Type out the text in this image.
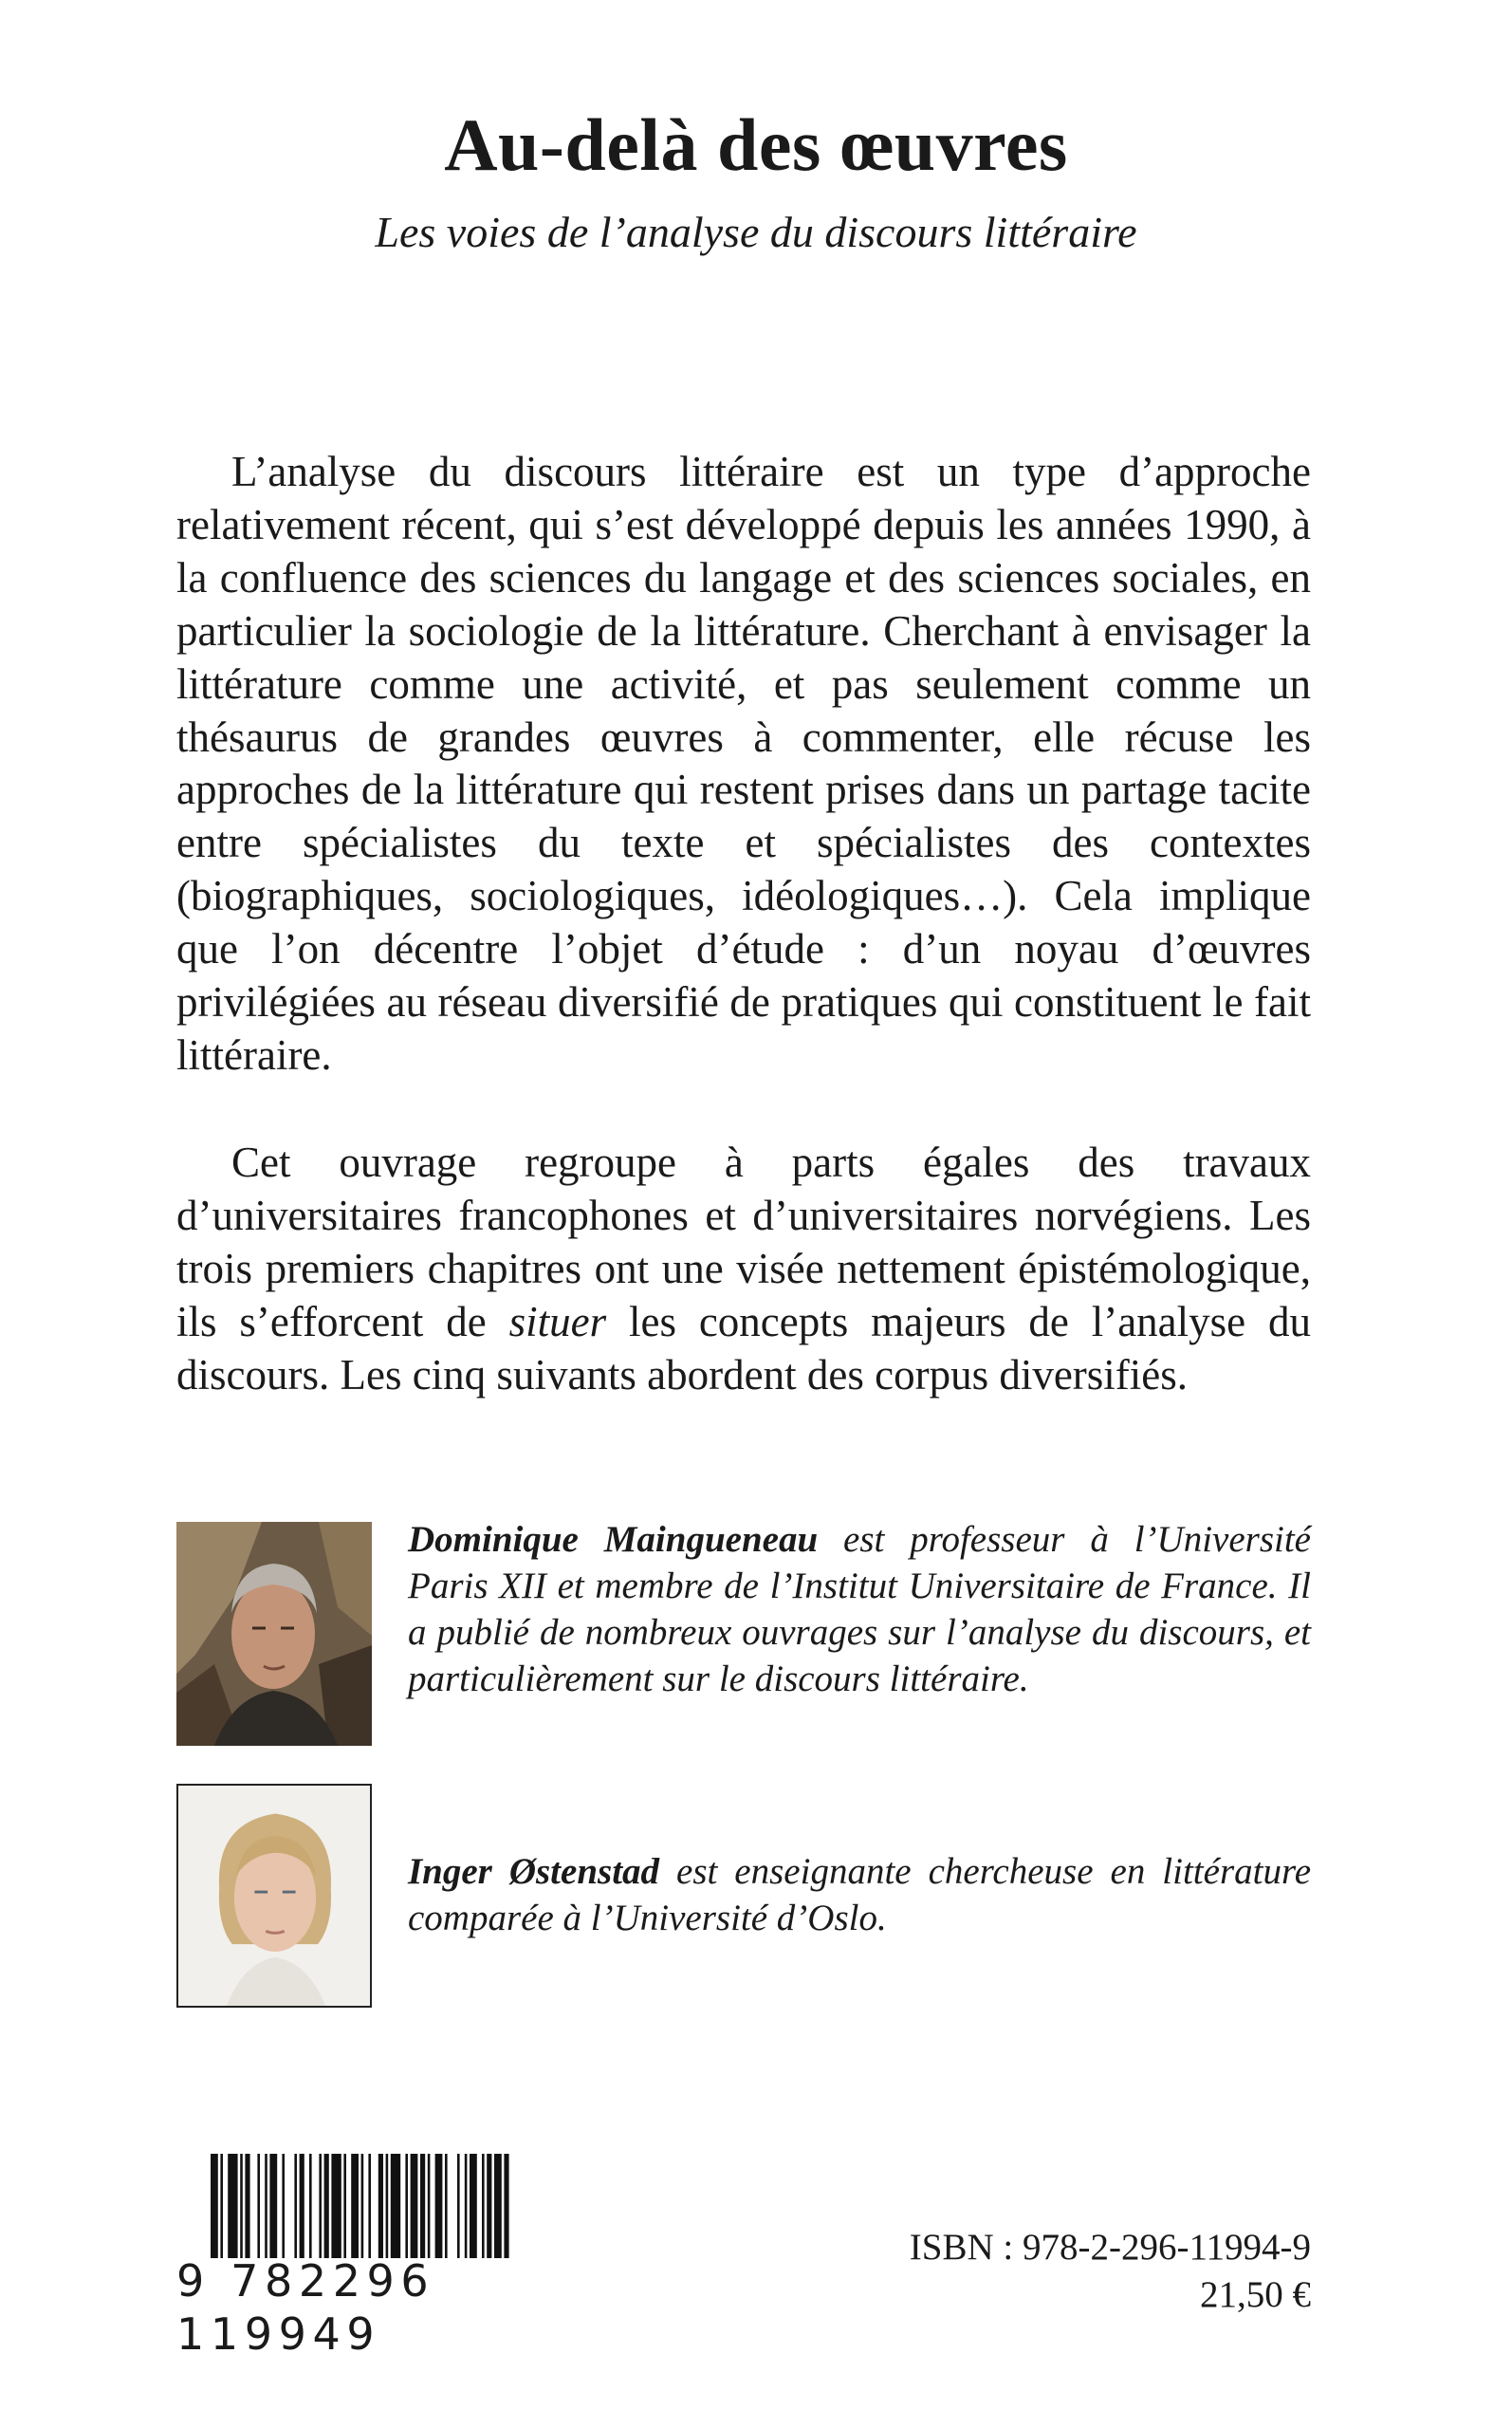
Au-delà des œuvres

Les voies de l’analyse du discours littéraire

L’analyse du discours littéraire est un type d’approche relativement récent, qui s’est développé depuis les années 1990, à la confluence des sciences du langage et des sciences sociales, en particulier la sociologie de la littérature. Cherchant à envisager la littérature comme une activité, et pas seulement comme un thésaurus de grandes œuvres à commenter, elle récuse les approches de la littérature qui restent prises dans un partage tacite entre spécialistes du texte et spécialistes des contextes (biographiques, sociologiques, idéologiques…). Cela implique que l’on décentre l’objet d’étude : d’un noyau d’œuvres privilégiées au réseau diversifié de pratiques qui constituent le fait littéraire.

Cet ouvrage regroupe à parts égales des travaux d’universitaires francophones et d’universitaires norvégiens. Les trois premiers chapitres ont une visée nettement épistémologique, ils s’efforcent de situer les concepts majeurs de l’analyse du discours. Les cinq suivants abordent des corpus diversifiés.

Dominique Maingueneau est professeur à l’Université Paris XII et membre de l’Institut Universitaire de France. Il a publié de nombreux ouvrages sur l’analyse du discours, et particulièrement sur le discours littéraire.

Inger Østenstad est enseignante chercheuse en littérature comparée à l’Université d’Oslo.

9 782296 119949

ISBN : 978-2-296-11994-9

21,50 €
